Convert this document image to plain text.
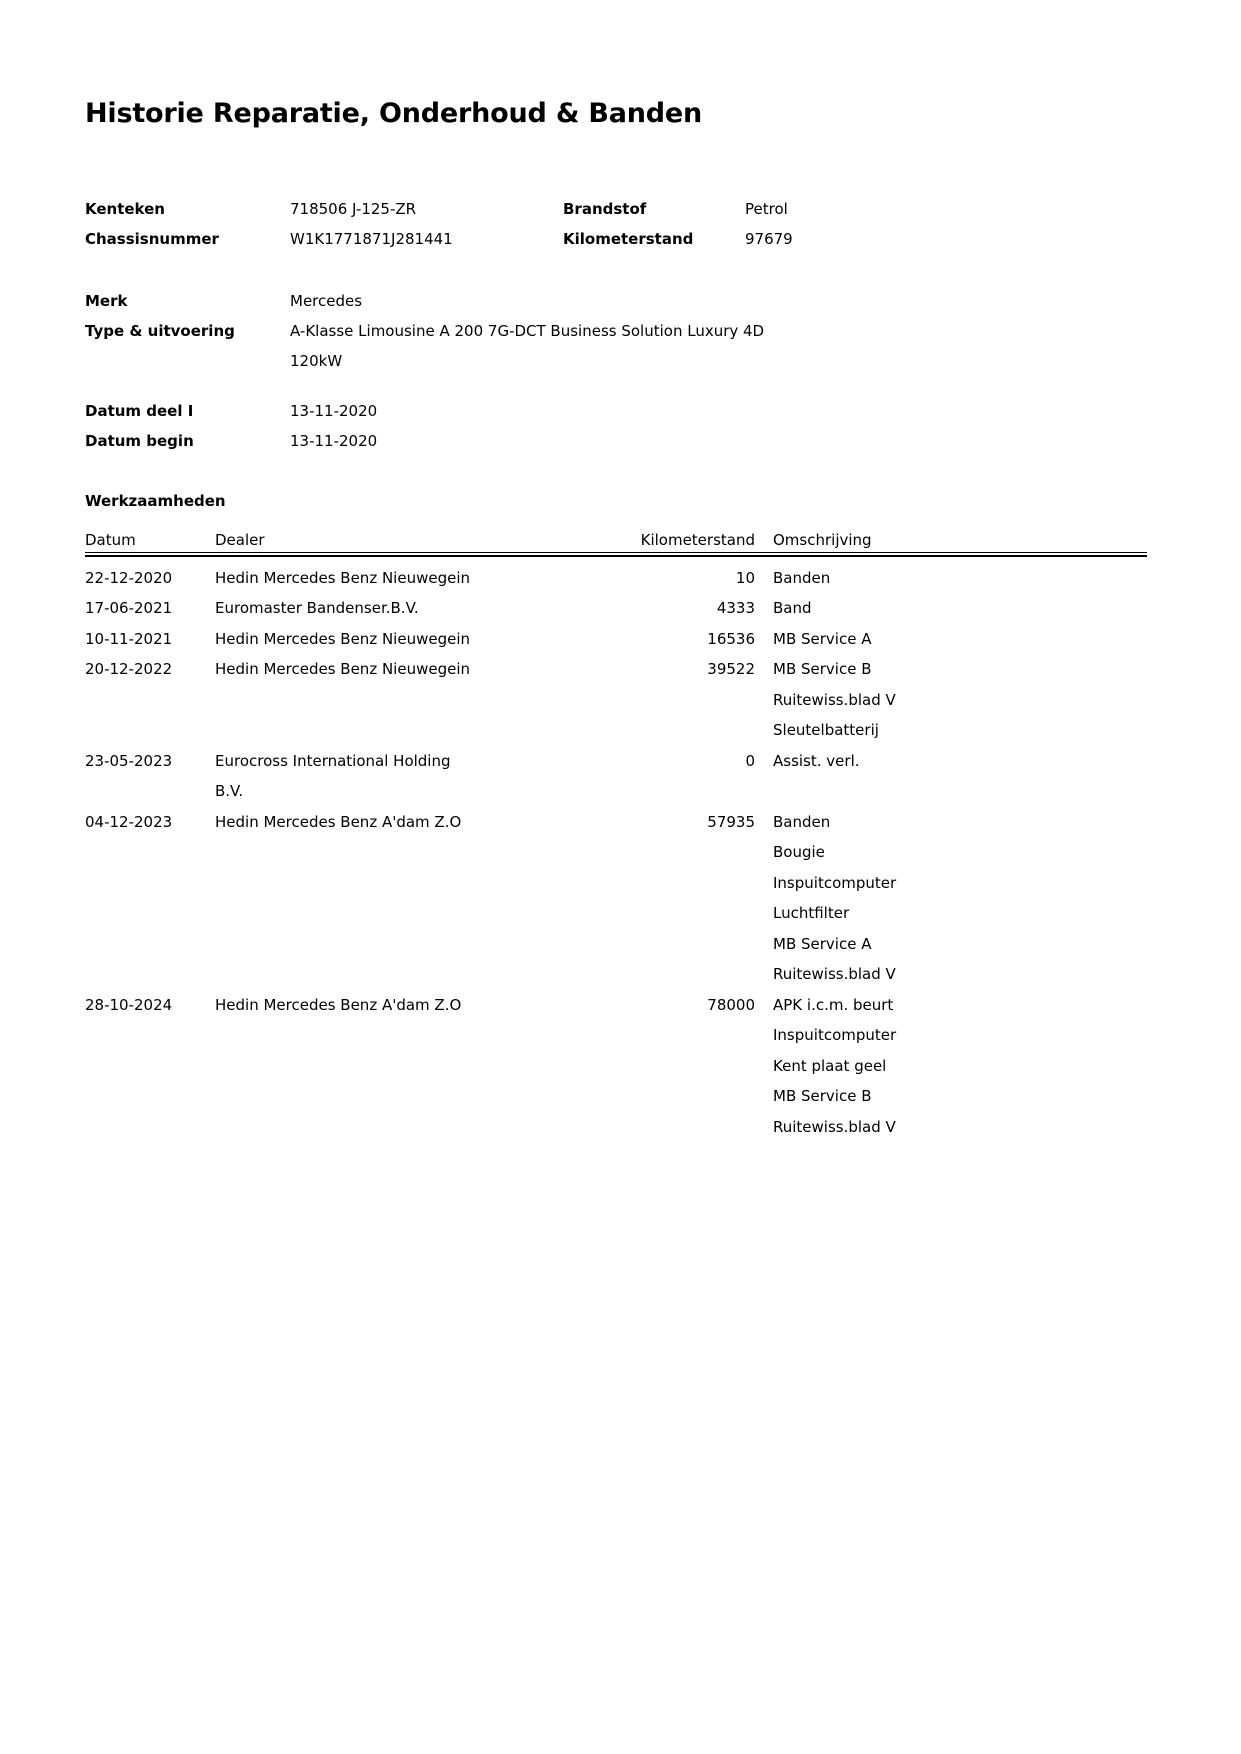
Historie Reparatie, Onderhoud & Banden
Kenteken	718506 J-125-ZR	Brandstof	Petrol
Chassisnummer	W1K1771871J281441	Kilometerstand	97679
Merk	Mercedes
Type & uitvoering	A-Klasse Limousine A 200 7G-DCT Business Solution Luxury 4D
120kW
Datum deel I	13-11-2020
Datum begin	13-11-2020
Werkzaamheden
Datum	Dealer	Kilometerstand	Omschrijving
22-12-2020	Hedin Mercedes Benz Nieuwegein	10 Banden
17-06-2021	Euromaster Bandenser.B.V.	4333 Band
10-11-2021	Hedin Mercedes Benz Nieuwegein	16536 MB Service A
20-12-2022	Hedin Mercedes Benz Nieuwegein	39522 MB Service B
Ruitewiss.blad V
Sleutelbatterij
23-05-2023	Eurocross International Holding
B.V.
0 Assist. verl.
04-12-2023	Hedin Mercedes Benz A'dam Z.O	57935 Banden
Bougie
Inspuitcomputer
Luchtfilter
MB Service A
Ruitewiss.blad V
28-10-2024	Hedin Mercedes Benz A'dam Z.O	78000 APK i.c.m. beurt
Inspuitcomputer
Kent plaat geel
MB Service B
Ruitewiss.blad V
